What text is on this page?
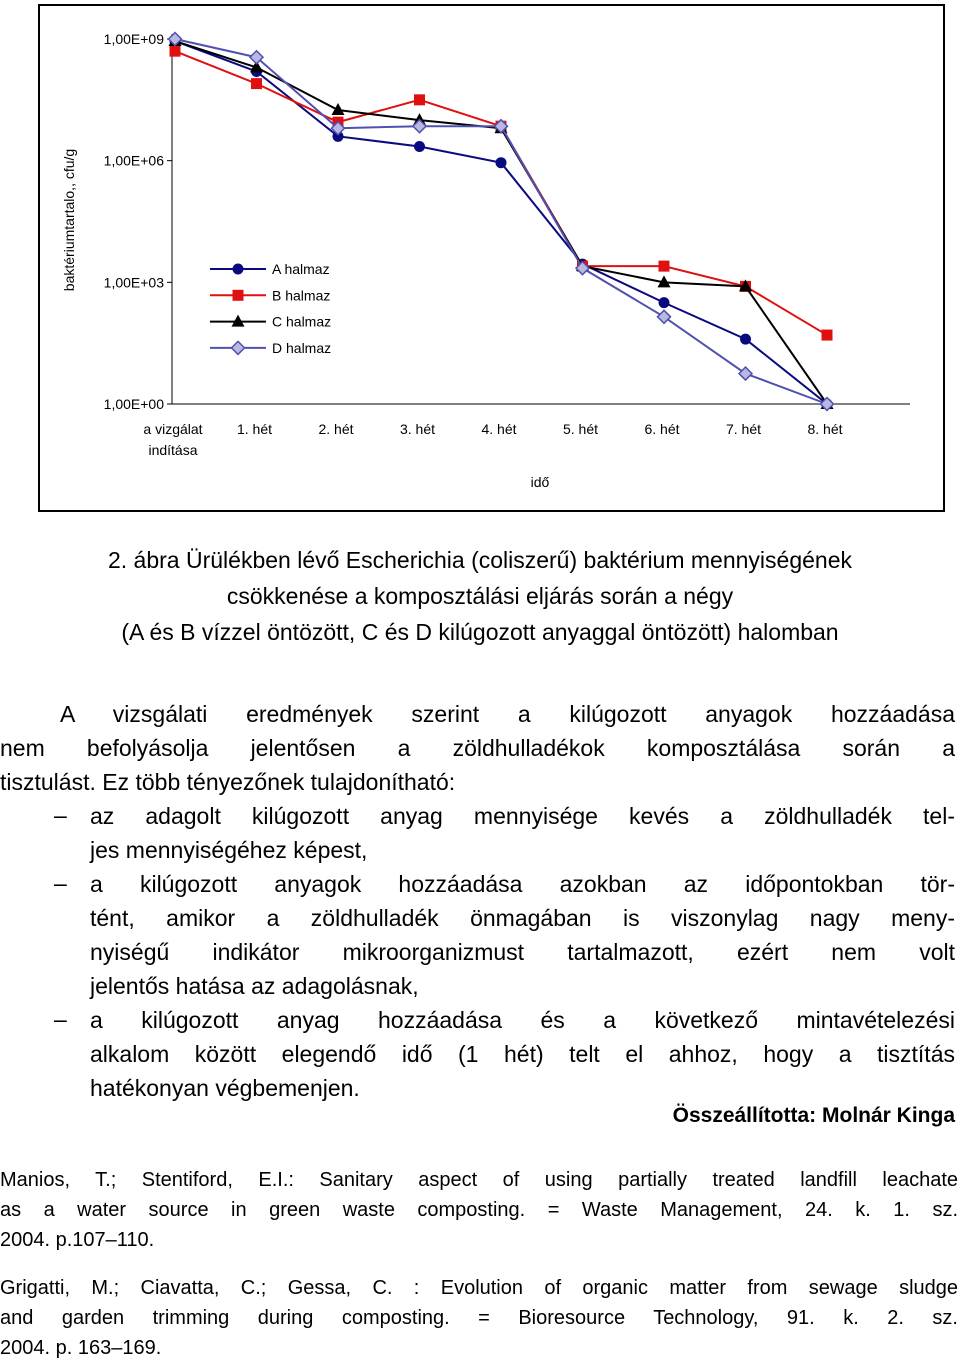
1,00E+09
1,00E+06
1,00E+03
1,00E+00
baktériumtartalo,, cfu/g
a vizgálat indítása
1. hét	2. hét	3. hét	4. hét	5. hét	6. hét	7. hét	8. hét
idő
A halmaz
B halmaz
C halmaz
D halmaz
2. ábra Ürülékben lévő Escherichia (coliszerű) baktérium mennyiségének
csökkenése a komposztálási eljárás során a négy
(A és B vízzel öntözött, C és D kilúgozott anyaggal öntözött) halomban
A vizsgálati eredmények szerint a kilúgozott anyagok hozzáadása
nem befolyásolja jelentősen a zöldhulladékok komposztálása során a
tisztulást. Ez több tényezőnek tulajdonítható:
– az adagolt kilúgozott anyag mennyisége kevés a zöldhulladék tel-
jes mennyiségéhez képest,
– a kilúgozott anyagok hozzáadása azokban az időpontokban tör-
tént, amikor a zöldhulladék önmagában is viszonylag nagy meny-
nyiségű indikátor mikroorganizmust tartalmazott, ezért nem volt
jelentős hatása az adagolásnak,
– a kilúgozott anyag hozzáadása és a következő mintavételezési
alkalom között elegendő idő (1 hét) telt el ahhoz, hogy a tisztítás
hatékonyan végbemenjen.
Összeállította: Molnár Kinga
Manios, T.; Stentiford, E.I.: Sanitary aspect of using partially treated landfill leachate
as a water source in green waste composting. = Waste Management, 24. k. 1. sz.
2004. p.107–110.
Grigatti, M.; Ciavatta, C.; Gessa, C. : Evolution of organic matter from sewage sludge
and garden trimming during composting. = Bioresource Technology, 91. k. 2. sz.
2004. p. 163–169.
